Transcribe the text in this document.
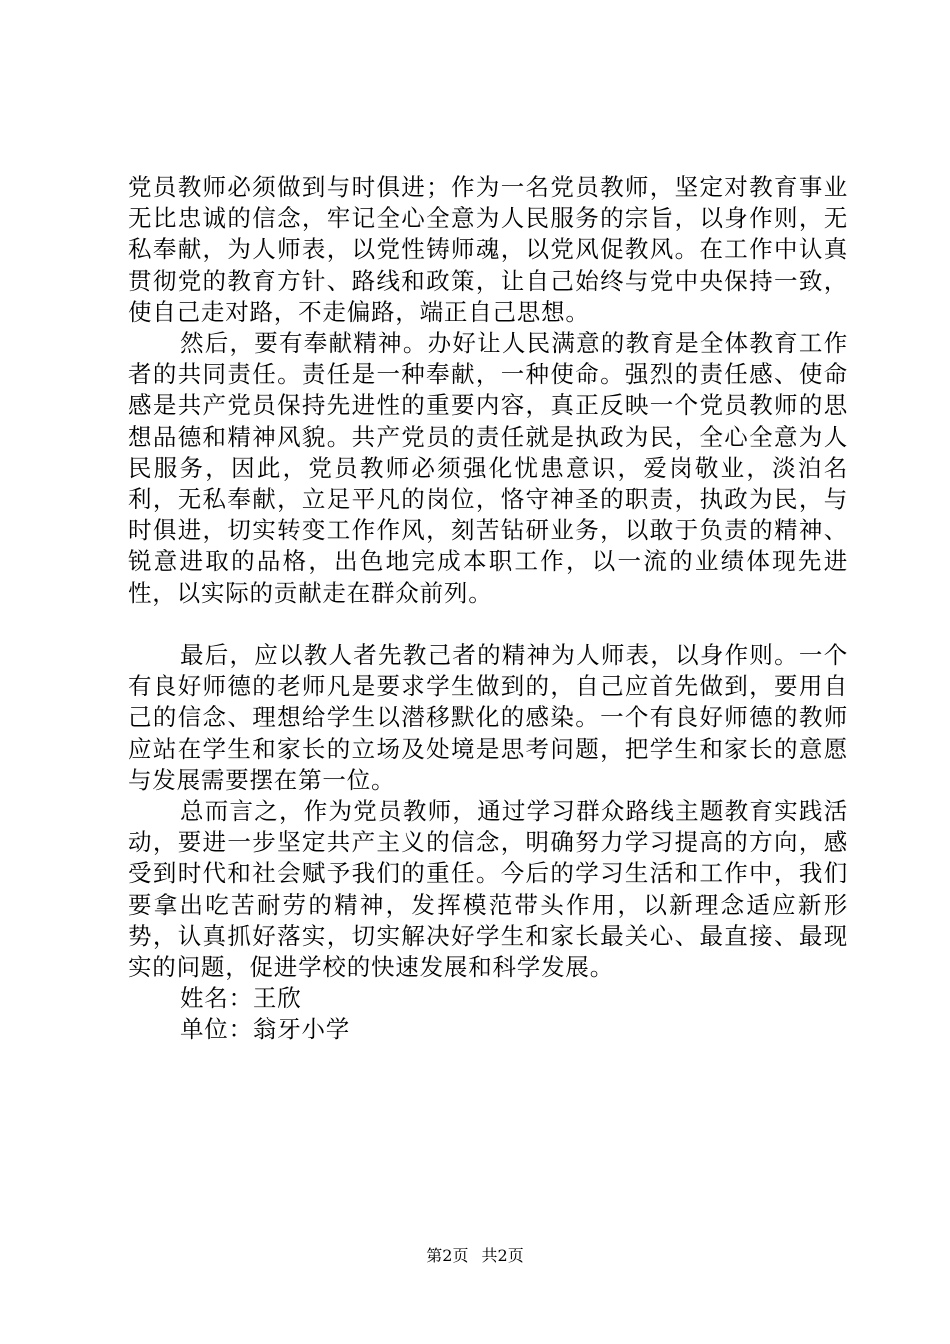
党员教师必须做到与时俱进；作为一名党员教师，坚定对教育事业无比忠诚的信念，牢记全心全意为人民服务的宗旨，以身作则，无私奉献，为人师表，以党性铸师魂，以党风促教风。在工作中认真贯彻党的教育方针、路线和政策，让自己始终与党中央保持一致，使自己走对路，不走偏路，端正自己思想。

然后，要有奉献精神。办好让人民满意的教育是全体教育工作者的共同责任。责任是一种奉献，一种使命。强烈的责任感、使命感是共产党员保持先进性的重要内容，真正反映一个党员教师的思想品德和精神风貌。共产党员的责任就是执政为民，全心全意为人民服务，因此，党员教师必须强化忧患意识，爱岗敬业，淡泊名利，无私奉献，立足平凡的岗位，恪守神圣的职责，执政为民，与时俱进，切实转变工作作风，刻苦钻研业务，以敢于负责的精神、锐意进取的品格，出色地完成本职工作，以一流的业绩体现先进性，以实际的贡献走在群众前列。

最后，应以教人者先教己者的精神为人师表，以身作则。一个有良好师德的老师凡是要求学生做到的，自己应首先做到，要用自己的信念、理想给学生以潜移默化的感染。一个有良好师德的教师应站在学生和家长的立场及处境是思考问题，把学生和家长的意愿与发展需要摆在第一位。

总而言之，作为党员教师，通过学习群众路线主题教育实践活动，要进一步坚定共产主义的信念，明确努力学习提高的方向，感受到时代和社会赋予我们的重任。今后的学习生活和工作中，我们要拿出吃苦耐劳的精神，发挥模范带头作用，以新理念适应新形势，认真抓好落实，切实解决好学生和家长最关心、最直接、最现实的问题，促进学校的快速发展和科学发展。

姓名：王欣

单位：翁牙小学

第2页 共2页
